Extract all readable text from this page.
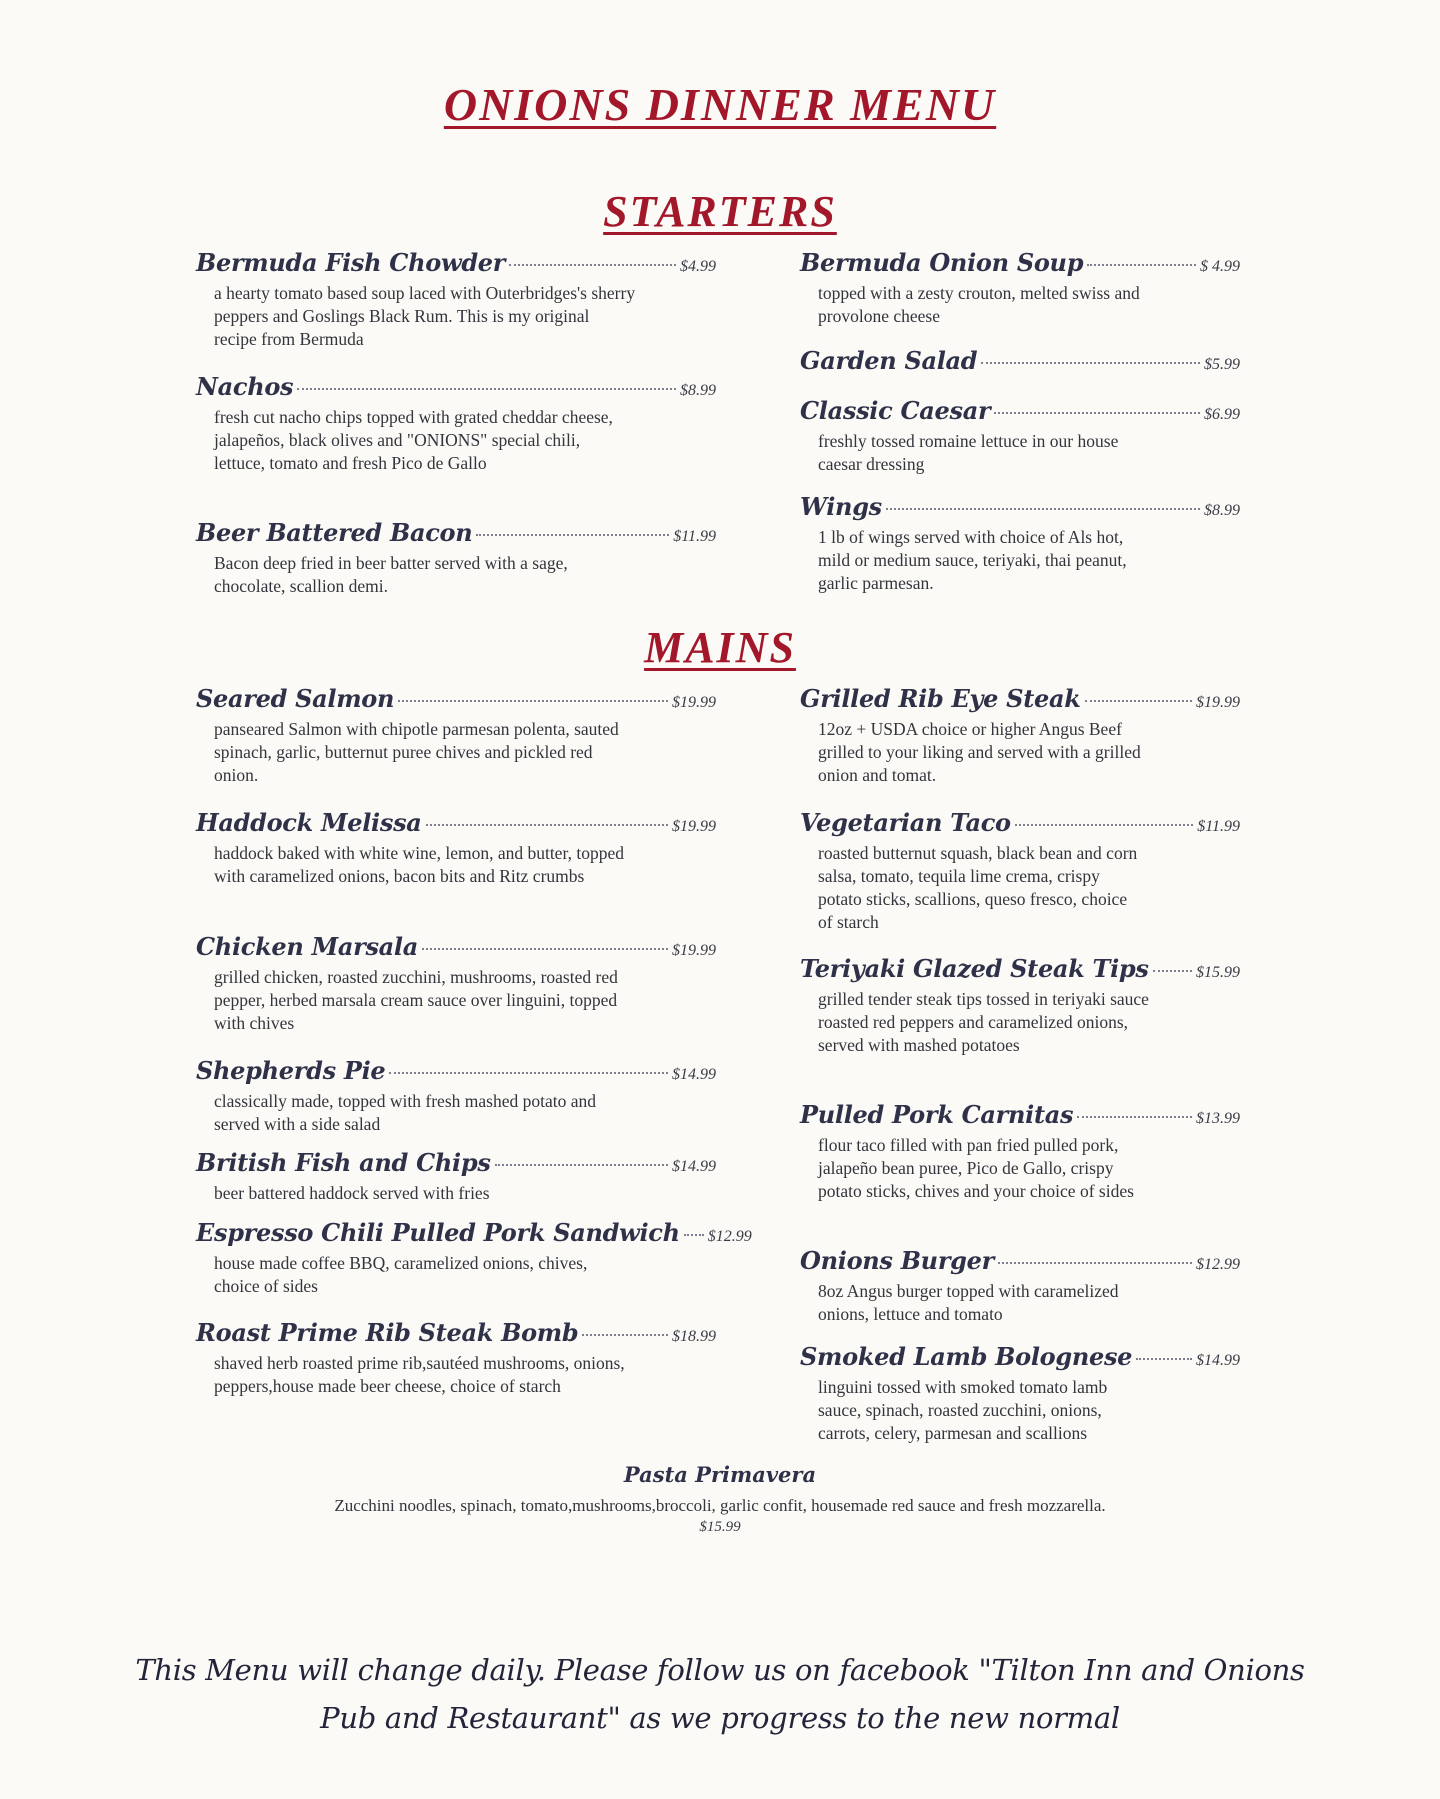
ONIONS DINNER MENU
STARTERS
Bermuda Fish Chowder	$4.99
a hearty tomato based soup laced with Outerbridges's sherry peppers and Goslings Black Rum. This is my original recipe from Bermuda
Nachos	$8.99
fresh cut nacho chips topped with grated cheddar cheese, jalapeños, black olives and "ONIONS" special chili, lettuce, tomato and fresh Pico de Gallo
Beer Battered Bacon	$11.99
Bacon deep fried in beer batter served with a sage, chocolate, scallion demi.
Bermuda Onion Soup	$ 4.99
topped with a zesty crouton, melted swiss and provolone cheese
Garden Salad	$5.99
Classic Caesar	$6.99
freshly tossed romaine lettuce in our house caesar dressing
Wings	$8.99
1 lb of wings served with choice of Als hot, mild or medium sauce, teriyaki, thai peanut, garlic parmesan.
MAINS
Seared Salmon	$19.99
panseared Salmon with chipotle parmesan polenta, sauted spinach, garlic, butternut puree chives and pickled red onion.
Haddock Melissa	$19.99
haddock baked with white wine, lemon, and butter, topped with caramelized onions, bacon bits and Ritz crumbs
Chicken Marsala	$19.99
grilled chicken, roasted zucchini, mushrooms, roasted red pepper, herbed marsala cream sauce over linguini, topped with chives
Shepherds Pie	$14.99
classically made, topped with fresh mashed potato and served with a side salad
British Fish and Chips	$14.99
beer battered haddock served with fries
Espresso Chili Pulled Pork Sandwich $12.99
house made coffee BBQ, caramelized onions, chives, choice of sides
Roast Prime Rib Steak Bomb	$18.99
shaved herb roasted prime rib,sautéed mushrooms, onions, peppers,house made beer cheese, choice of starch
Grilled Rib Eye Steak	$19.99
12oz + USDA choice or higher Angus Beef grilled to your liking and served with a grilled onion and tomat.
Vegetarian Taco	$11.99
roasted butternut squash, black bean and corn salsa, tomato, tequila lime crema, crispy potato sticks, scallions, queso fresco, choice of starch
Teriyaki Glazed Steak Tips	$15.99
grilled tender steak tips tossed in teriyaki sauce roasted red peppers and caramelized onions, served with mashed potatoes
Pulled Pork Carnitas	$13.99
flour taco filled with pan fried pulled pork, jalapeño bean puree, Pico de Gallo, crispy potato sticks, chives and your choice of sides
Onions Burger	$12.99
8oz Angus burger topped with caramelized onions, lettuce and tomato
Smoked Lamb Bolognese	$14.99
linguini tossed with smoked tomato lamb sauce, spinach, roasted zucchini, onions, carrots, celery, parmesan and scallions
Pasta Primavera
Zucchini noodles, spinach, tomato,mushrooms,broccoli, garlic confit, housemade red sauce and fresh mozzarella.
$15.99
This Menu will change daily. Please follow us on facebook "Tilton Inn and Onions
Pub and Restaurant" as we progress to the new normal
